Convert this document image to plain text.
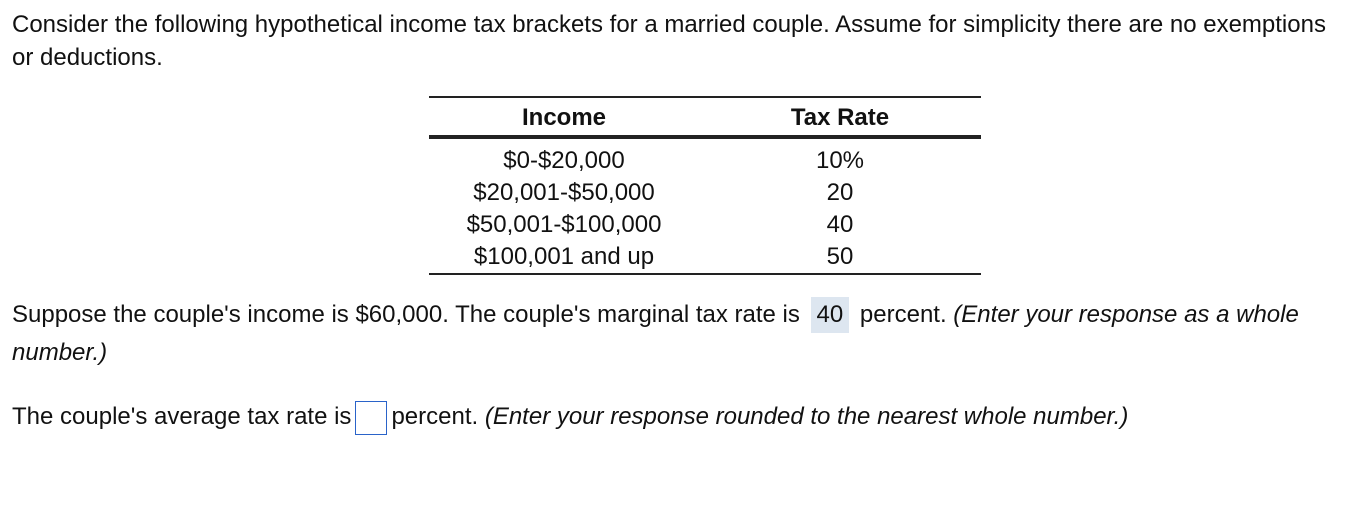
Consider the following hypothetical income tax brackets for a married couple. Assume for simplicity there are no exemptions or deductions.

Income	Tax Rate
$0-$20,000	10%
$20,001-$50,000	20
$50,001-$100,000	40
$100,001 and up	50

Suppose the couple's income is $60,000. The couple's marginal tax rate is 40 percent. (Enter your response as a whole number.)

The couple's average tax rate is percent. (Enter your response rounded to the nearest whole number.)
